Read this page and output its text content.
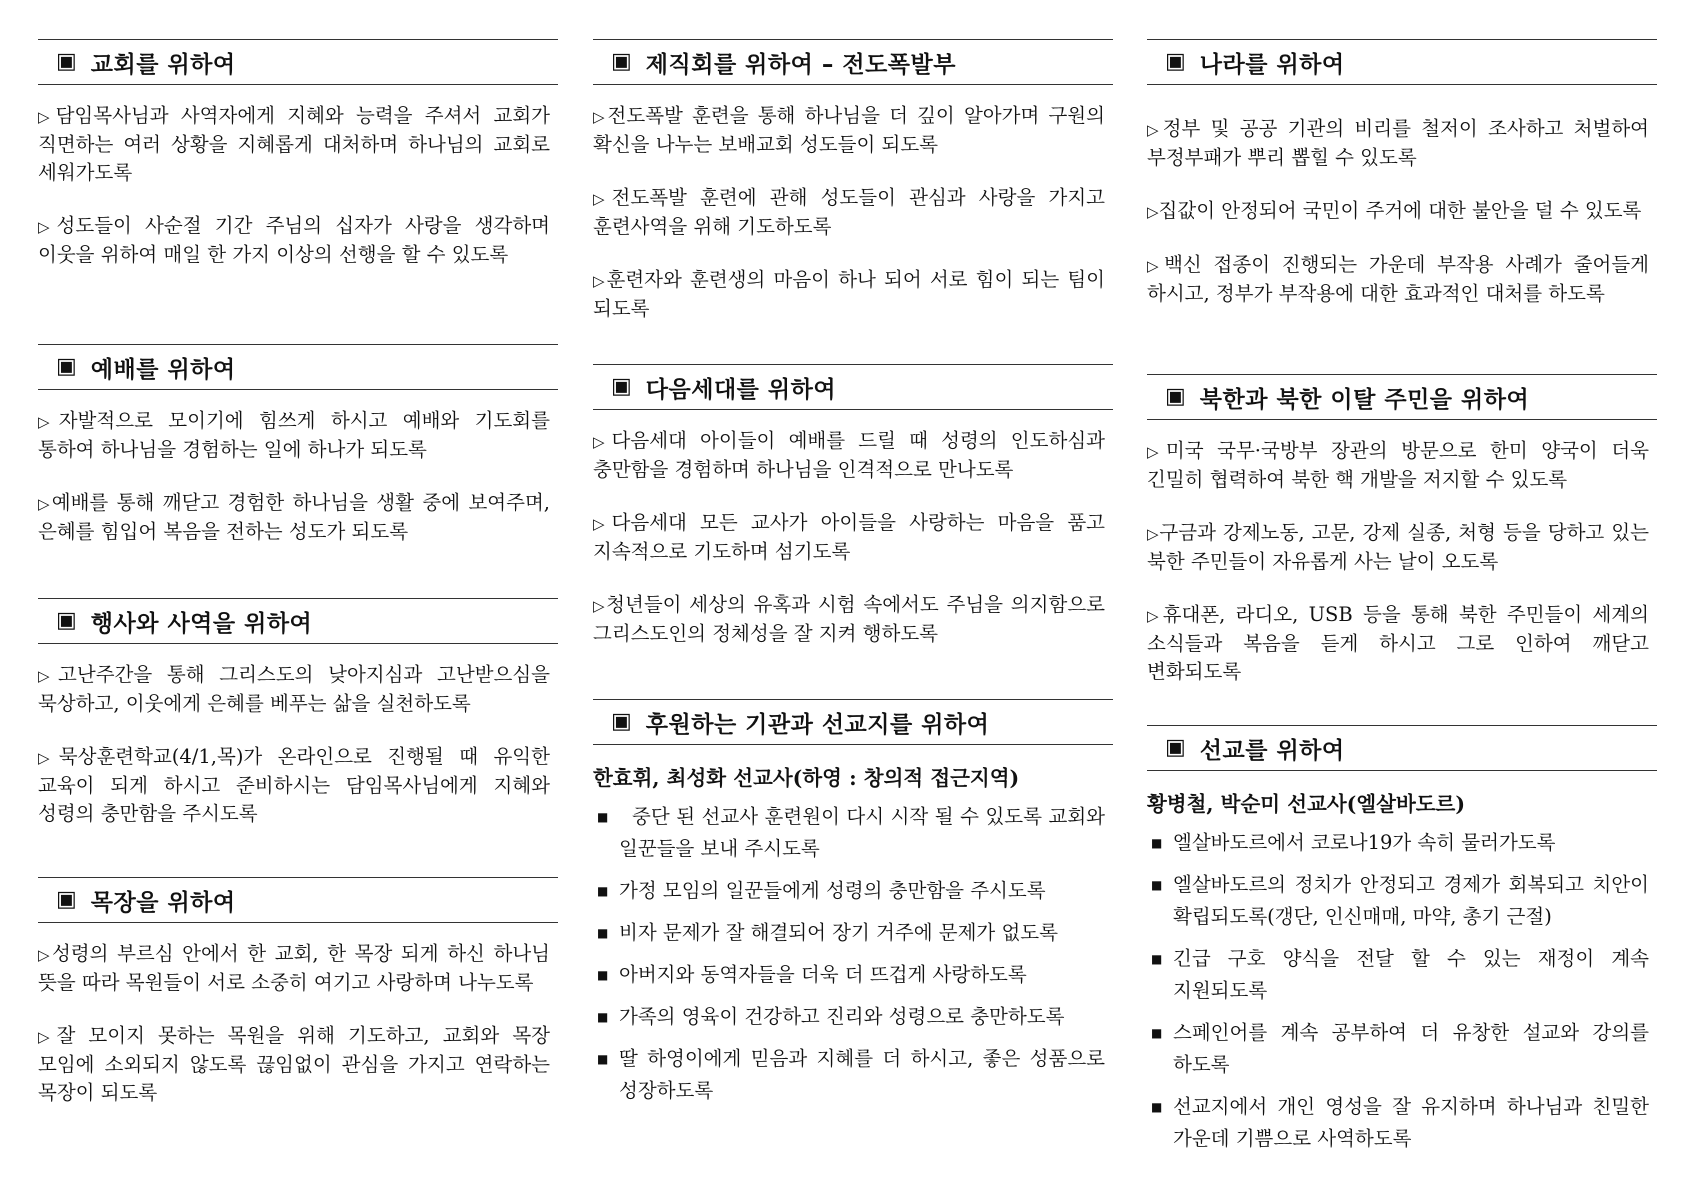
▣ 교회를 위하여

▷담임목사님과 사역자에게 지혜와 능력을 주셔서 교회가 직면하는 여러 상황을 지혜롭게 대처하며 하나님의 교회로 세워가도록

▷성도들이 사순절 기간 주님의 십자가 사랑을 생각하며 이웃을 위하여 매일 한 가지 이상의 선행을 할 수 있도록

▣ 예배를 위하여

▷자발적으로 모이기에 힘쓰게 하시고 예배와 기도회를 통하여 하나님을 경험하는 일에 하나가 되도록

▷예배를 통해 깨닫고 경험한 하나님을 생활 중에 보여주며, 은혜를 힘입어 복음을 전하는 성도가 되도록

▣ 행사와 사역을 위하여

▷고난주간을 통해 그리스도의 낮아지심과 고난받으심을 묵상하고, 이웃에게 은혜를 베푸는 삶을 실천하도록

▷묵상훈련학교(4/1,목)가 온라인으로 진행될 때 유익한 교육이 되게 하시고 준비하시는 담임목사님에게 지혜와 성령의 충만함을 주시도록

▣ 목장을 위하여

▷성령의 부르심 안에서 한 교회, 한 목장 되게 하신 하나님 뜻을 따라 목원들이 서로 소중히 여기고 사랑하며 나누도록

▷잘 모이지 못하는 목원을 위해 기도하고, 교회와 목장 모임에 소외되지 않도록 끊임없이 관심을 가지고 연락하는 목장이 되도록

▣ 제직회를 위하여 – 전도폭발부

▷전도폭발 훈련을 통해 하나님을 더 깊이 알아가며 구원의 확신을 나누는 보배교회 성도들이 되도록

▷전도폭발 훈련에 관해 성도들이 관심과 사랑을 가지고 훈련사역을 위해 기도하도록

▷훈련자와 훈련생의 마음이 하나 되어 서로 힘이 되는 팀이 되도록

▣ 다음세대를 위하여

▷다음세대 아이들이 예배를 드릴 때 성령의 인도하심과 충만함을 경험하며 하나님을 인격적으로 만나도록

▷다음세대 모든 교사가 아이들을 사랑하는 마음을 품고 지속적으로 기도하며 섬기도록

▷청년들이 세상의 유혹과 시험 속에서도 주님을 의지함으로 그리스도인의 정체성을 잘 지켜 행하도록

▣ 후원하는 기관과 선교지를 위하여

한효휘, 최성화 선교사(하영 : 창의적 접근지역)

■ 중단 된 선교사 훈련원이 다시 시작 될 수 있도록 교회와 일꾼들을 보내 주시도록
■ 가정 모임의 일꾼들에게 성령의 충만함을 주시도록
■ 비자 문제가 잘 해결되어 장기 거주에 문제가 없도록
■ 아버지와 동역자들을 더욱 더 뜨겁게 사랑하도록
■ 가족의 영육이 건강하고 진리와 성령으로 충만하도록
■ 딸 하영이에게 믿음과 지혜를 더 하시고, 좋은 성품으로 성장하도록
▣ 나라를 위하여

▷정부 및 공공 기관의 비리를 철저이 조사하고 처벌하여 부정부패가 뿌리 뽑힐 수 있도록

▷집값이 안정되어 국민이 주거에 대한 불안을 덜 수 있도록

▷백신 접종이 진행되는 가운데 부작용 사례가 줄어들게 하시고, 정부가 부작용에 대한 효과적인 대처를 하도록

▣ 북한과 북한 이탈 주민을 위하여

▷미국 국무·국방부 장관의 방문으로 한미 양국이 더욱 긴밀히 협력하여 북한 핵 개발을 저지할 수 있도록

▷구금과 강제노동, 고문, 강제 실종, 처형 등을 당하고 있는 북한 주민들이 자유롭게 사는 날이 오도록

▷휴대폰, 라디오, USB 등을 통해 북한 주민들이 세계의 소식들과 복음을 듣게 하시고 그로 인하여 깨닫고 변화되도록

▣ 선교를 위하여

황병철, 박순미 선교사(엘살바도르)

■ 엘살바도르에서 코로나19가 속히 물러가도록
■ 엘살바도르의 정치가 안정되고 경제가 회복되고 치안이 확립되도록(갱단, 인신매매, 마약, 총기 근절)
■ 긴급 구호 양식을 전달 할 수 있는 재정이 계속 지원되도록
■ 스페인어를 계속 공부하여 더 유창한 설교와 강의를 하도록
■ 선교지에서 개인 영성을 잘 유지하며 하나님과 친밀한 가운데 기쁨으로 사역하도록
